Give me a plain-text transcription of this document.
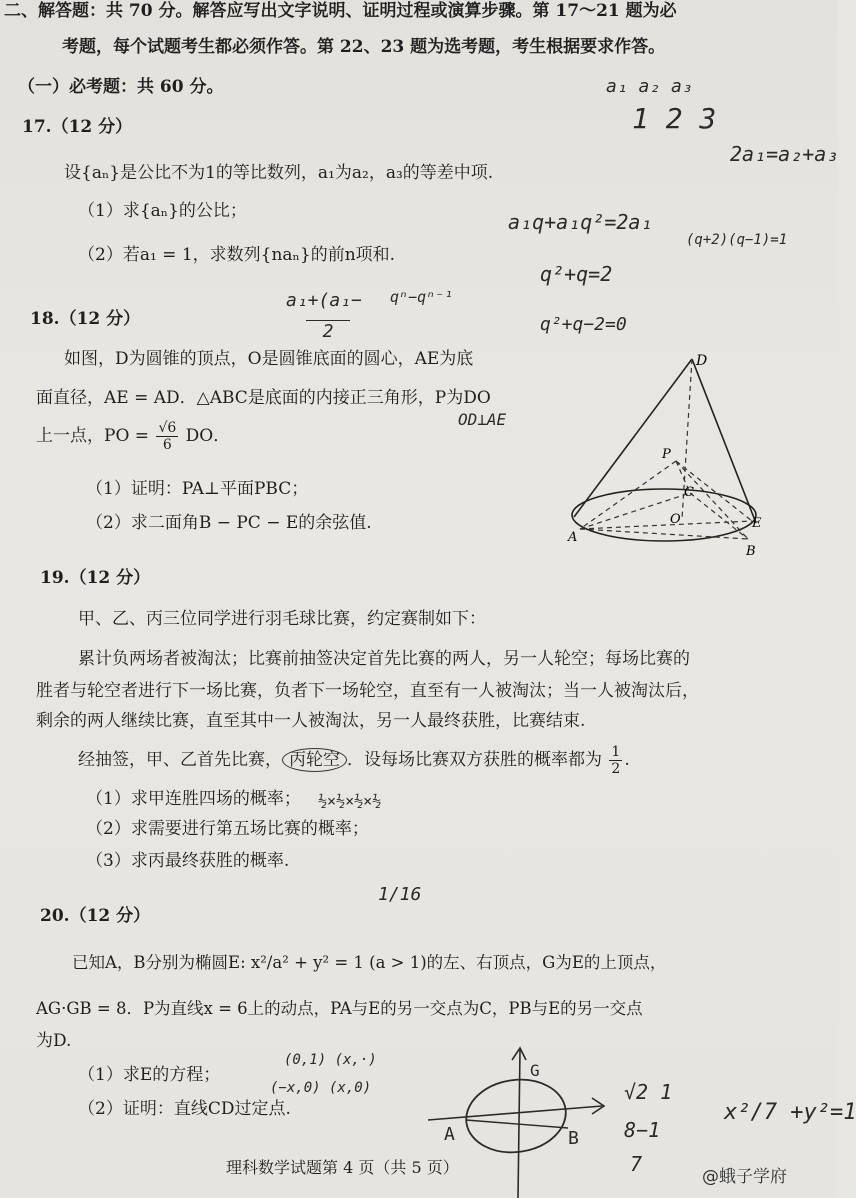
二、解答题：共 70 分。解答应写出文字说明、证明过程或演算步骤。第 17～21 题为必
考题，每个试题考生都必须作答。第 22、23 题为选考题，考生根据要求作答。
（一）必考题：共 60 分。
17.（12 分）
设{aₙ}是公比不为1的等比数列，a₁为a₂，a₃的等差中项.
（1）求{aₙ}的公比；
（2）若a₁ = 1，求数列{naₙ}的前n项和.
18.（12 分）
如图，D为圆锥的顶点，O是圆锥底面的圆心，AE为底
面直径，AE = AD．△ABC是底面的内接正三角形，P为DO
上一点，PO = $\frac{√6}{6}$ DO．
（1）证明：PA⊥平面PBC；
（2）求二面角B − PC − E的余弦值.
D
P
C
O	E
A
B
19.（12 分）
甲、乙、丙三位同学进行羽毛球比赛，约定赛制如下：
累计负两场者被淘汰；比赛前抽签决定首先比赛的两人，另一人轮空；每场比赛的
胜者与轮空者进行下一场比赛，负者下一场轮空，直至有一人被淘汰；当一人被淘汰后，
剩余的两人继续比赛，直至其中一人被淘汰，另一人最终获胜，比赛结束.
经抽签，甲、乙首先比赛， 丙轮空 ．设每场比赛双方获胜的概率都为 $\frac{1}{2}$ .
（1）求甲连胜四场的概率；
（2）求需要进行第五场比赛的概率；
（3）求丙最终获胜的概率.
20.（12 分）
已知A，B分别为椭圆E: x²/a² + y² = 1 (a > 1)的左、右顶点，G为E的上顶点，
AG·GB = 8．P为直线x = 6上的动点，PA与E的另一交点为C，PB与E的另一交点
为D.
（1）求E的方程；
（2）证明：直线CD过定点.
理科数学试题第 4 页（共 5 页）	@蛾子学府
a₁ a₂ a₃
1 2 3
2a₁=a₂+a₃
a₁q+a₁q²=2a₁
(q+2)(q−1)=1
q²+q=2
q²+q−2=0
a₁+(a₁−
2
qⁿ−qⁿ⁻¹
OD⊥AE
½×½×½×½
1/16
(0,1) (x,·)
(−x,0) (x,0)	√2 1
8−1
x²/7 +y²=1
7
G
A	B
